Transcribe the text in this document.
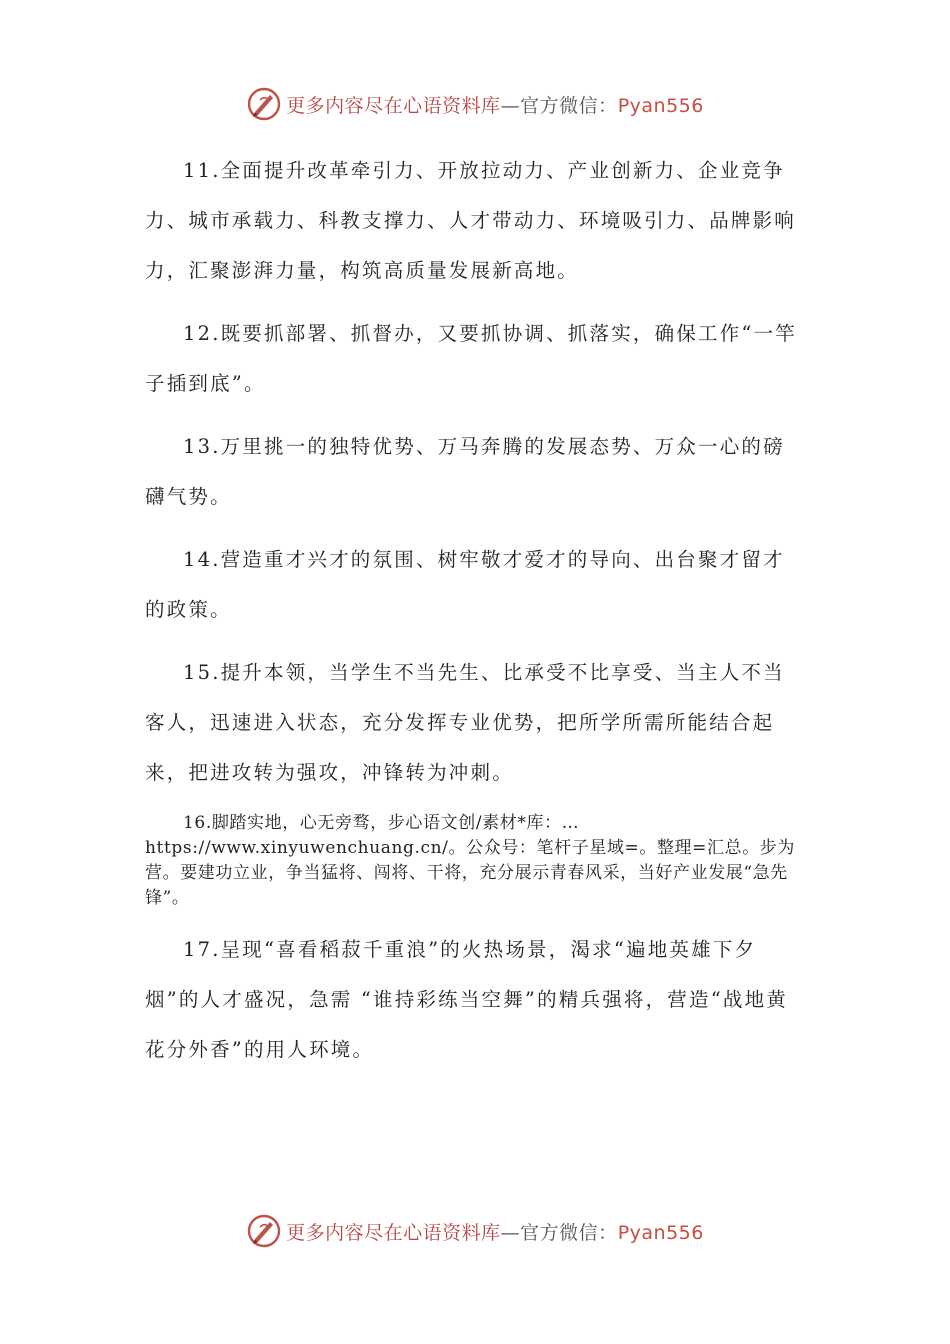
更多内容尽在心语资料库—官方微信：Pyan556

11.全面提升改革牵引力、开放拉动力、产业创新力、企业竞争力、城市承载力、科教支撑力、人才带动力、环境吸引力、品牌影响力，汇聚澎湃力量，构筑高质量发展新高地。

12.既要抓部署、抓督办，又要抓协调、抓落实，确保工作“一竿子插到底”。

13.万里挑一的独特优势、万马奔腾的发展态势、万众一心的磅礴气势。

14.营造重才兴才的氛围、树牢敬才爱才的导向、出台聚才留才的政策。

15.提升本领，当学生不当先生、比承受不比享受、当主人不当客人，迅速进入状态，充分发挥专业优势，把所学所需所能结合起来，把进攻转为强攻，冲锋转为冲刺。

16.脚踏实地，心无旁骛，步心语文创/素材*库：…https://www.xinyuwenchuang.cn/。公众号：笔杆子星域=。整理=汇总。步为营。要建功立业，争当猛将、闯将、干将，充分展示青春风采，当好产业发展“急先锋”。

17.呈现“喜看稻菽千重浪”的火热场景，渴求“遍地英雄下夕烟”的人才盛况，急需 “谁持彩练当空舞”的精兵强将，营造“战地黄花分外香”的用人环境。

更多内容尽在心语资料库—官方微信：Pyan556
